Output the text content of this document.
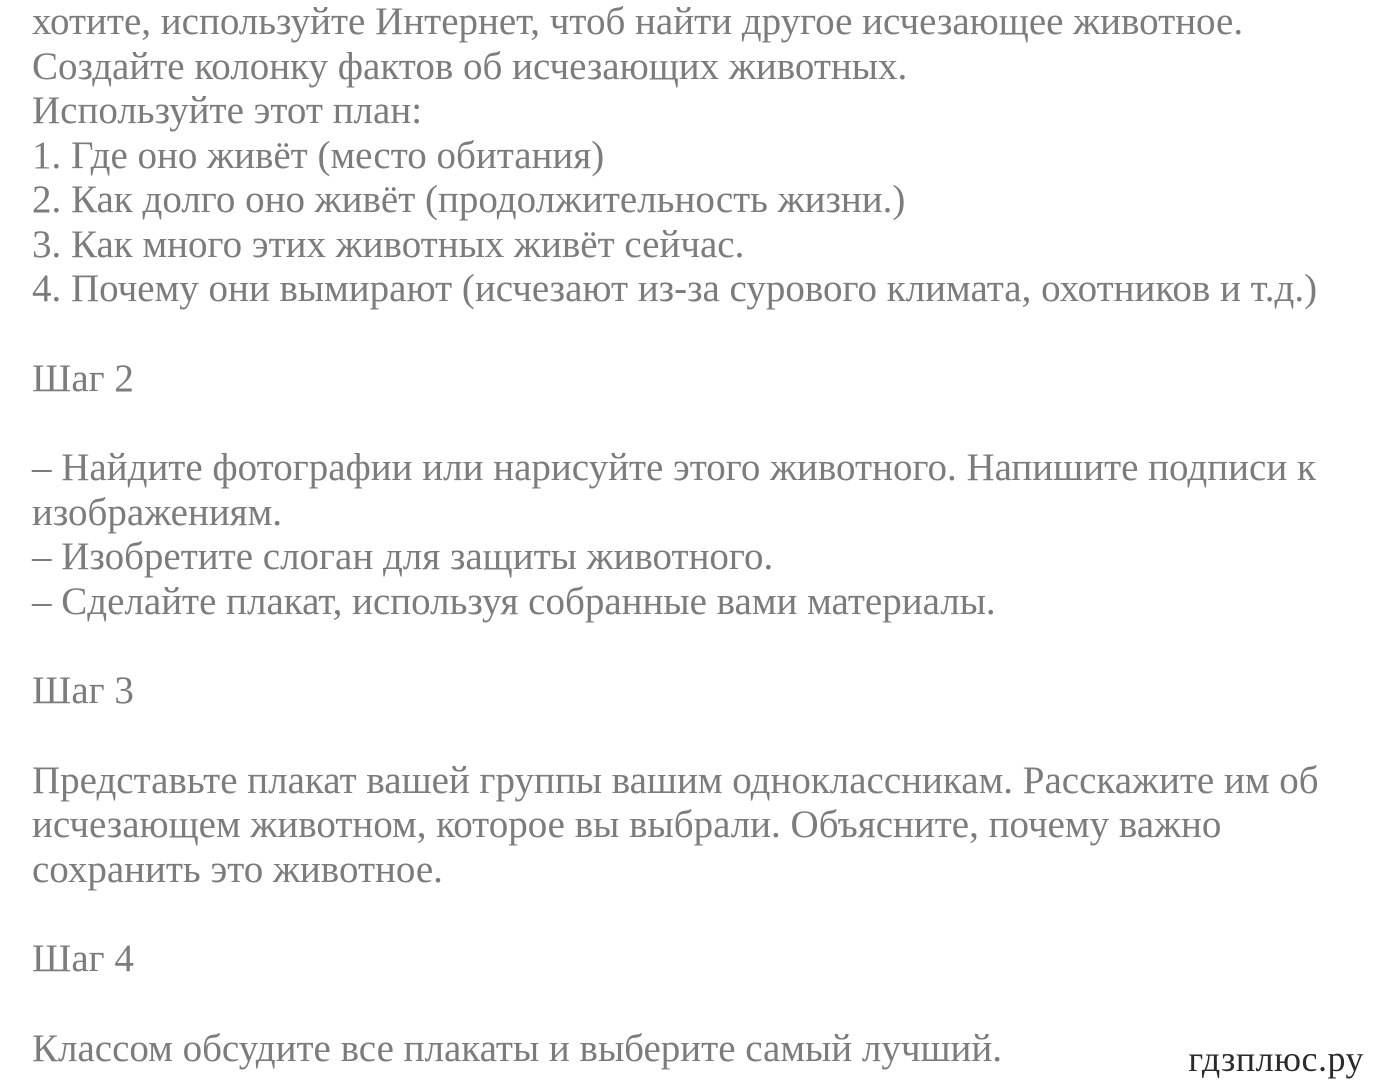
хотите, используйте Интернет, чтоб найти другое исчезающее животное.

Создайте колонку фактов об исчезающих животных.

Используйте этот план:

1. Где оно живёт (место обитания)

2. Как долго оно живёт (продолжительность жизни.)

3. Как много этих животных живёт сейчас.

4. Почему они вымирают (исчезают из-за сурового климата, охотников и т.д.)

Шаг 2

– Найдите фотографии или нарисуйте этого животного. Напишите подписи к изображениям.

– Изобретите слоган для защиты животного.

– Сделайте плакат, используя собранные вами материалы.

Шаг 3

Представьте плакат вашей группы вашим одноклассникам. Расскажите им об исчезающем животном, которое вы выбрали. Объясните, почему важно сохранить это животное.

Шаг 4

Классом обсудите все плакаты и выберите самый лучший.	гдзплюс.ру
